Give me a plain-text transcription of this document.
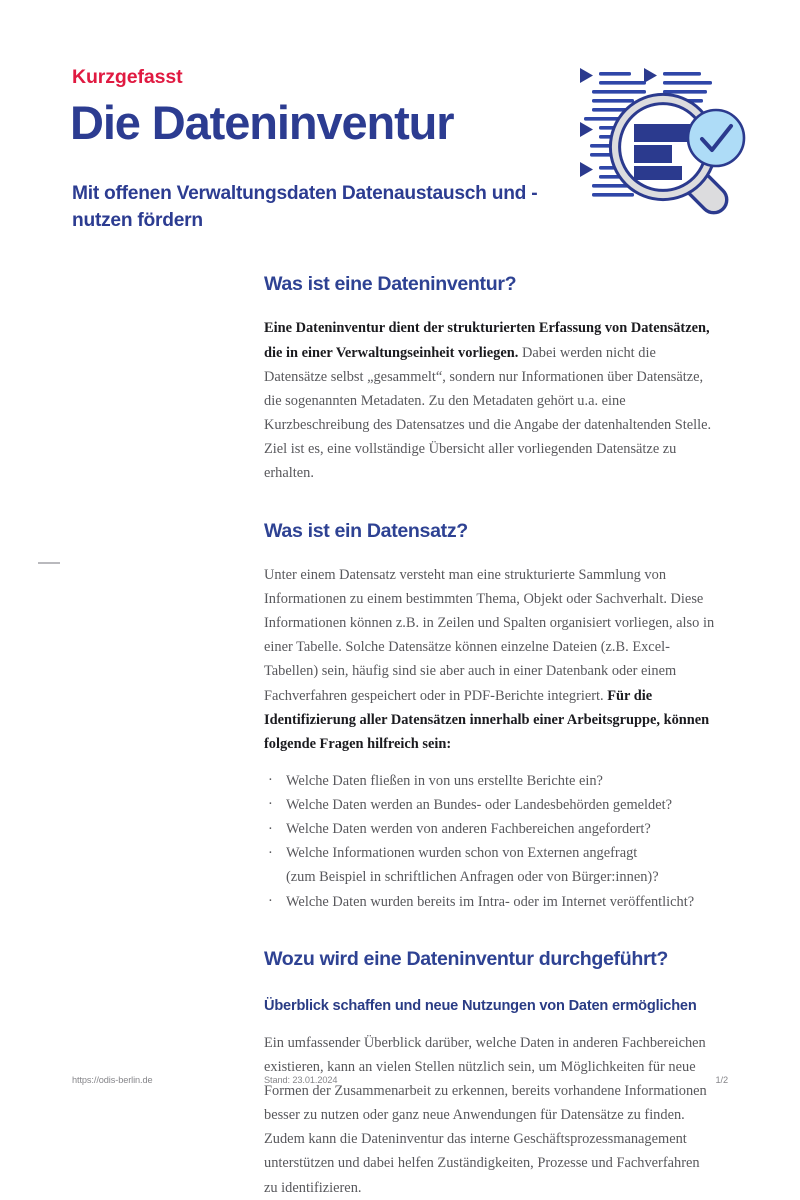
Kurzgefasst
Die Dateninventur
Mit offenen Verwaltungsdaten Datenaustausch und -nutzen fördern
Was ist eine Dateninventur?

Eine Dateninventur dient der strukturierten Erfassung von Datensätzen, die in einer Verwaltungseinheit vorliegen. Dabei werden nicht die Datensätze selbst „gesammelt“, sondern nur Informationen über Datensätze, die sogenannten Metadaten. Zu den Metadaten gehört u.a. eine Kurzbeschreibung des Datensatzes und die Angabe der datenhaltenden Stelle. Ziel ist es, eine vollständige Übersicht aller vorliegenden Datensätze zu erhalten.

Was ist ein Datensatz?

Unter einem Datensatz versteht man eine strukturierte Sammlung von Informationen zu einem bestimmten Thema, Objekt oder Sachverhalt. Diese Informationen können z.B. in Zeilen und Spalten organisiert vorliegen, also in einer Tabelle. Solche Datensätze können einzelne Dateien (z.B. Excel-Tabellen) sein, häufig sind sie aber auch in einer Datenbank oder einem Fachverfahren gespeichert oder in PDF-Berichte integriert. Für die Identifizierung aller Datensätzen innerhalb einer Arbeitsgruppe, können folgende Fragen hilfreich sein:

· Welche Daten fließen in von uns erstellte Berichte ein?
· Welche Daten werden an Bundes- oder Landesbehörden gemeldet?
· Welche Daten werden von anderen Fachbereichen angefordert?
· Welche Informationen wurden schon von Externen angefragt
(zum Beispiel in schriftlichen Anfragen oder von Bürger:innen)?
· Welche Daten wurden bereits im Intra- oder im Internet veröffentlicht?
Wozu wird eine Dateninventur durchgeführt?
Überblick schaffen und neue Nutzungen von Daten ermöglichen

Ein umfassender Überblick darüber, welche Daten in anderen Fachbereichen existieren, kann an vielen Stellen nützlich sein, um Möglichkeiten für neue Formen der Zusammenarbeit zu erkennen, bereits vorhandene Informationen besser zu nutzen oder ganz neue Anwendungen für Datensätze zu finden. Zudem kann die Dateninventur das interne Geschäftsprozessmanagement unterstützen und dabei helfen Zuständigkeiten, Prozesse und Fachverfahren zu identifizieren.

https://odis-berlin.de	Stand: 23.01.2024	1/2
